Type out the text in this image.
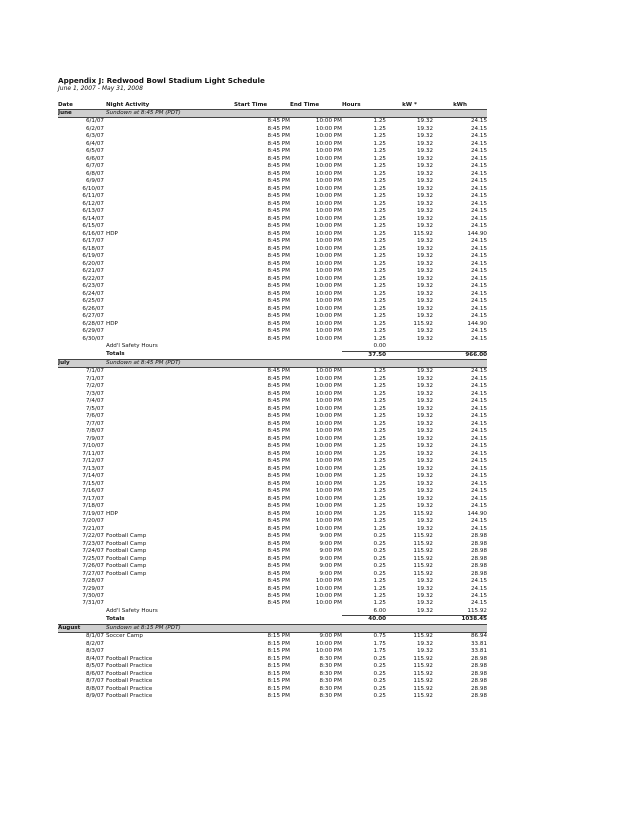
Appendix J: Redwood Bowl Stadium Light Schedule
June 1, 2007 - May 31, 2008
Date	Night Activity	Start Time	End Time	Hours	kW *	kWh
June	Sundown at 8:45 PM (PDT)					
6/1/07		8:45 PM	10:00 PM	1.25	19.32	24.15
6/2/07		8:45 PM	10:00 PM	1.25	19.32	24.15
6/3/07		8:45 PM	10:00 PM	1.25	19.32	24.15
6/4/07		8:45 PM	10:00 PM	1.25	19.32	24.15
6/5/07		8:45 PM	10:00 PM	1.25	19.32	24.15
6/6/07		8:45 PM	10:00 PM	1.25	19.32	24.15
6/7/07		8:45 PM	10:00 PM	1.25	19.32	24.15
6/8/07		8:45 PM	10:00 PM	1.25	19.32	24.15
6/9/07		8:45 PM	10:00 PM	1.25	19.32	24.15
6/10/07		8:45 PM	10:00 PM	1.25	19.32	24.15
6/11/07		8:45 PM	10:00 PM	1.25	19.32	24.15
6/12/07		8:45 PM	10:00 PM	1.25	19.32	24.15
6/13/07		8:45 PM	10:00 PM	1.25	19.32	24.15
6/14/07		8:45 PM	10:00 PM	1.25	19.32	24.15
6/15/07		8:45 PM	10:00 PM	1.25	19.32	24.15
6/16/07	HDP	8:45 PM	10:00 PM	1.25	115.92	144.90
6/17/07		8:45 PM	10:00 PM	1.25	19.32	24.15
6/18/07		8:45 PM	10:00 PM	1.25	19.32	24.15
6/19/07		8:45 PM	10:00 PM	1.25	19.32	24.15
6/20/07		8:45 PM	10:00 PM	1.25	19.32	24.15
6/21/07		8:45 PM	10:00 PM	1.25	19.32	24.15
6/22/07		8:45 PM	10:00 PM	1.25	19.32	24.15
6/23/07		8:45 PM	10:00 PM	1.25	19.32	24.15
6/24/07		8:45 PM	10:00 PM	1.25	19.32	24.15
6/25/07		8:45 PM	10:00 PM	1.25	19.32	24.15
6/26/07		8:45 PM	10:00 PM	1.25	19.32	24.15
6/27/07		8:45 PM	10:00 PM	1.25	19.32	24.15
6/28/07	HDP	8:45 PM	10:00 PM	1.25	115.92	144.90
6/29/07		8:45 PM	10:00 PM	1.25	19.32	24.15
6/30/07		8:45 PM	10:00 PM	1.25	19.32	24.15
	Add'l Safety Hours			0.00		
	Totals			37.50		966.00
July	Sundown at 8:45 PM (PDT)					
7/1/07		8:45 PM	10:00 PM	1.25	19.32	24.15
7/1/07		8:45 PM	10:00 PM	1.25	19.32	24.15
7/2/07		8:45 PM	10:00 PM	1.25	19.32	24.15
7/3/07		8:45 PM	10:00 PM	1.25	19.32	24.15
7/4/07		8:45 PM	10:00 PM	1.25	19.32	24.15
7/5/07		8:45 PM	10:00 PM	1.25	19.32	24.15
7/6/07		8:45 PM	10:00 PM	1.25	19.32	24.15
7/7/07		8:45 PM	10:00 PM	1.25	19.32	24.15
7/8/07		8:45 PM	10:00 PM	1.25	19.32	24.15
7/9/07		8:45 PM	10:00 PM	1.25	19.32	24.15
7/10/07		8:45 PM	10:00 PM	1.25	19.32	24.15
7/11/07		8:45 PM	10:00 PM	1.25	19.32	24.15
7/12/07		8:45 PM	10:00 PM	1.25	19.32	24.15
7/13/07		8:45 PM	10:00 PM	1.25	19.32	24.15
7/14/07		8:45 PM	10:00 PM	1.25	19.32	24.15
7/15/07		8:45 PM	10:00 PM	1.25	19.32	24.15
7/16/07		8:45 PM	10:00 PM	1.25	19.32	24.15
7/17/07		8:45 PM	10:00 PM	1.25	19.32	24.15
7/18/07		8:45 PM	10:00 PM	1.25	19.32	24.15
7/19/07	HDP	8:45 PM	10:00 PM	1.25	115.92	144.90
7/20/07		8:45 PM	10:00 PM	1.25	19.32	24.15
7/21/07		8:45 PM	10:00 PM	1.25	19.32	24.15
7/22/07	Football Camp	8:45 PM	9:00 PM	0.25	115.92	28.98
7/23/07	Football Camp	8:45 PM	9:00 PM	0.25	115.92	28.98
7/24/07	Football Camp	8:45 PM	9:00 PM	0.25	115.92	28.98
7/25/07	Football Camp	8:45 PM	9:00 PM	0.25	115.92	28.98
7/26/07	Football Camp	8:45 PM	9:00 PM	0.25	115.92	28.98
7/27/07	Football Camp	8:45 PM	9:00 PM	0.25	115.92	28.98
7/28/07		8:45 PM	10:00 PM	1.25	19.32	24.15
7/29/07		8:45 PM	10:00 PM	1.25	19.32	24.15
7/30/07		8:45 PM	10:00 PM	1.25	19.32	24.15
7/31/07		8:45 PM	10:00 PM	1.25	19.32	24.15
	Add'l Safety Hours			6.00	19.32	115.92
	Totals			40.00		1038.45
August	Sundown at 8:15 PM (PDT)					
8/1/07	Soccer Camp	8:15 PM	9:00 PM	0.75	115.92	86.94
8/2/07		8:15 PM	10:00 PM	1.75	19.32	33.81
8/3/07		8:15 PM	10:00 PM	1.75	19.32	33.81
8/4/07	Football Practice	8:15 PM	8:30 PM	0.25	115.92	28.98
8/5/07	Football Practice	8:15 PM	8:30 PM	0.25	115.92	28.98
8/6/07	Football Practice	8:15 PM	8:30 PM	0.25	115.92	28.98
8/7/07	Football Practice	8:15 PM	8:30 PM	0.25	115.92	28.98
8/8/07	Football Practice	8:15 PM	8:30 PM	0.25	115.92	28.98
8/9/07	Football Practice	8:15 PM	8:30 PM	0.25	115.92	28.98
